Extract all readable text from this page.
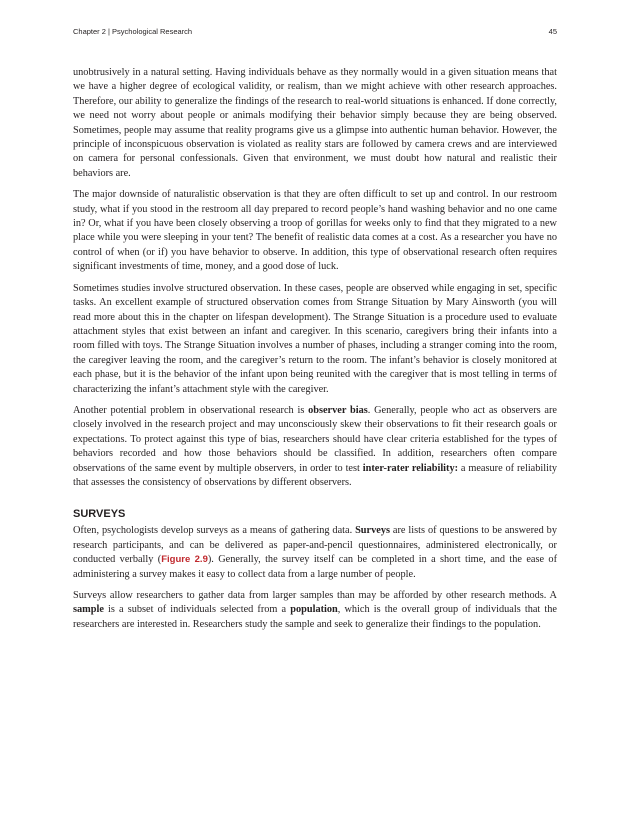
Chapter 2 | Psychological Research	45

unobtrusively in a natural setting. Having individuals behave as they normally would in a given situation means that we have a higher degree of ecological validity, or realism, than we might achieve with other research approaches. Therefore, our ability to generalize the findings of the research to real-world situations is enhanced. If done correctly, we need not worry about people or animals modifying their behavior simply because they are being observed. Sometimes, people may assume that reality programs give us a glimpse into authentic human behavior. However, the principle of inconspicuous observation is violated as reality stars are followed by camera crews and are interviewed on camera for personal confessionals. Given that environment, we must doubt how natural and realistic their behaviors are.

The major downside of naturalistic observation is that they are often difficult to set up and control. In our restroom study, what if you stood in the restroom all day prepared to record people’s hand washing behavior and no one came in? Or, what if you have been closely observing a troop of gorillas for weeks only to find that they migrated to a new place while you were sleeping in your tent? The benefit of realistic data comes at a cost. As a researcher you have no control of when (or if) you have behavior to observe. In addition, this type of observational research often requires significant investments of time, money, and a good dose of luck.

Sometimes studies involve structured observation. In these cases, people are observed while engaging in set, specific tasks. An excellent example of structured observation comes from Strange Situation by Mary Ainsworth (you will read more about this in the chapter on lifespan development). The Strange Situation is a procedure used to evaluate attachment styles that exist between an infant and caregiver. In this scenario, caregivers bring their infants into a room filled with toys. The Strange Situation involves a number of phases, including a stranger coming into the room, the caregiver leaving the room, and the caregiver’s return to the room. The infant’s behavior is closely monitored at each phase, but it is the behavior of the infant upon being reunited with the caregiver that is most telling in terms of characterizing the infant’s attachment style with the caregiver.

Another potential problem in observational research is observer bias. Generally, people who act as observers are closely involved in the research project and may unconsciously skew their observations to fit their research goals or expectations. To protect against this type of bias, researchers should have clear criteria established for the types of behaviors recorded and how those behaviors should be classified. In addition, researchers often compare observations of the same event by multiple observers, in order to test inter-rater reliability: a measure of reliability that assesses the consistency of observations by different observers.

SURVEYS

Often, psychologists develop surveys as a means of gathering data. Surveys are lists of questions to be answered by research participants, and can be delivered as paper-and-pencil questionnaires, administered electronically, or conducted verbally (Figure 2.9). Generally, the survey itself can be completed in a short time, and the ease of administering a survey makes it easy to collect data from a large number of people.

Surveys allow researchers to gather data from larger samples than may be afforded by other research methods. A sample is a subset of individuals selected from a population, which is the overall group of individuals that the researchers are interested in. Researchers study the sample and seek to generalize their findings to the population.
